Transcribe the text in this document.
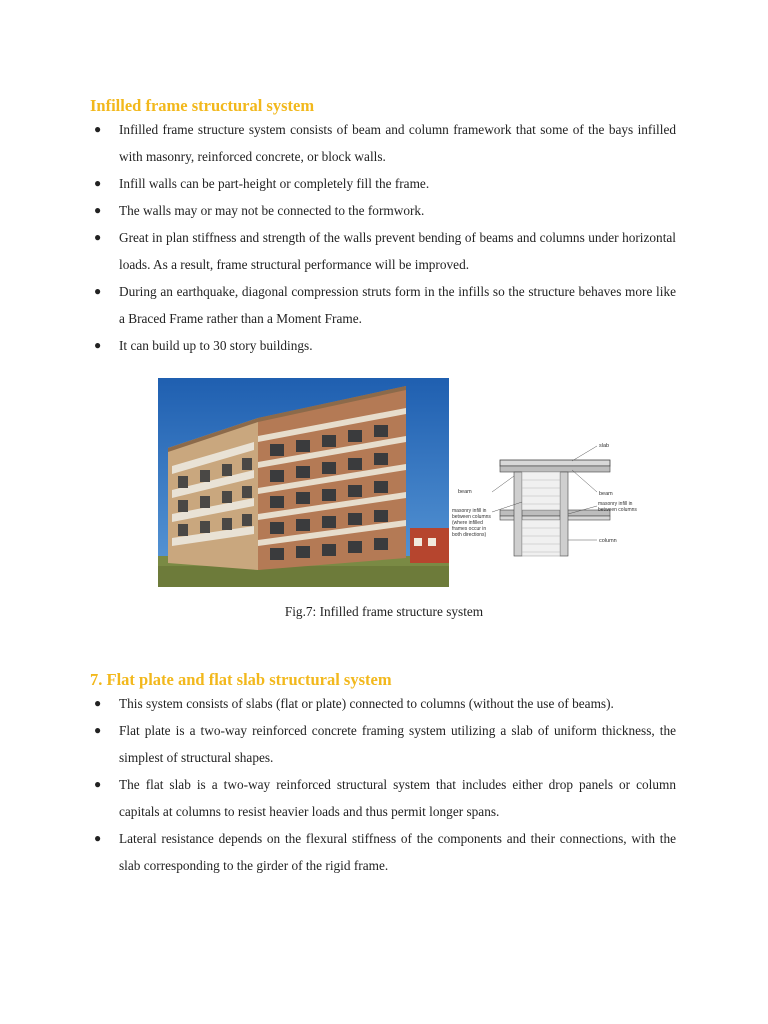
Infilled frame structural system
● Infilled frame structure system consists of beam and column framework that some of the bays infilled with masonry, reinforced concrete, or block walls.
● Infill walls can be part-height or completely fill the frame.
● The walls may or may not be connected to the formwork.
● Great in plan stiffness and strength of the walls prevent bending of beams and columns under horizontal loads. As a result, frame structural performance will be improved.
● During an earthquake, diagonal compression struts form in the infills so the structure behaves more like a Braced Frame rather than a Moment Frame.
● It can build up to 30 story buildings.
slab
beam	beam
masonry infill in between columns
masonry infill in between columns (where infilled frames occur in both directions)
column
Fig.7: Infilled frame structure system
7. Flat plate and flat slab structural system
● This system consists of slabs (flat or plate) connected to columns (without the use of beams).
● Flat plate is a two-way reinforced concrete framing system utilizing a slab of uniform thickness, the simplest of structural shapes.
● The flat slab is a two-way reinforced structural system that includes either drop panels or column capitals at columns to resist heavier loads and thus permit longer spans.
● Lateral resistance depends on the flexural stiffness of the components and their connections, with the slab corresponding to the girder of the rigid frame.
